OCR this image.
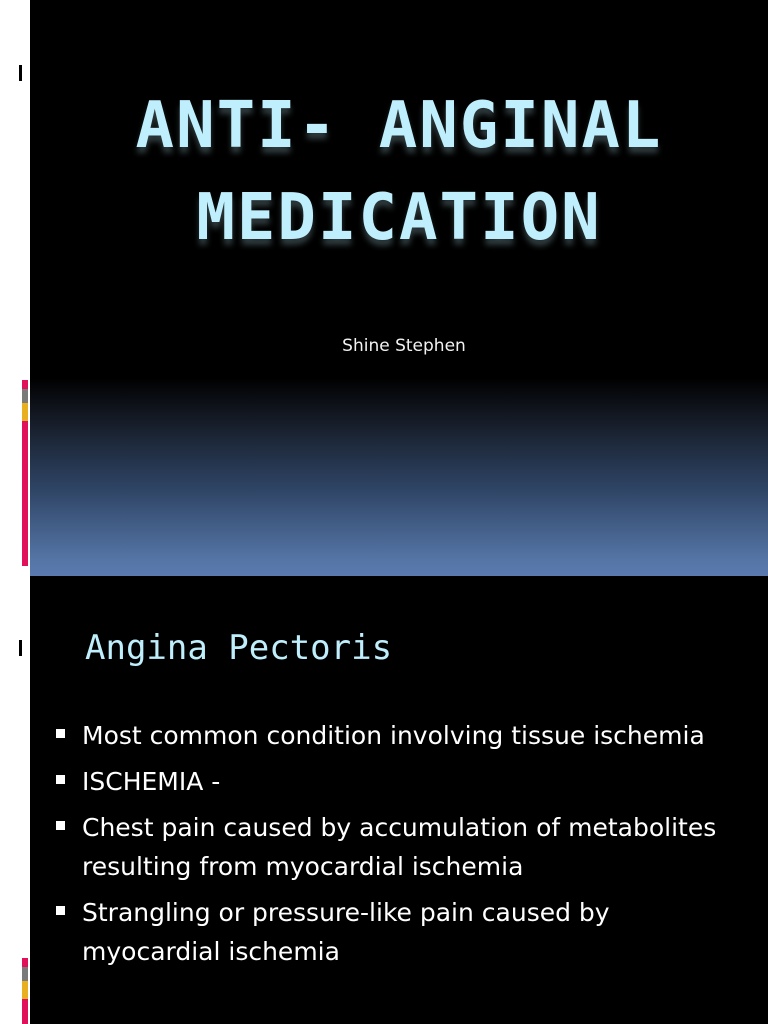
ANTI- ANGINAL
MEDICATION
Shine Stephen
Angina Pectoris
Most common condition involving tissue ischemia
ISCHEMIA -
Chest pain caused by accumulation of metabolites resulting from myocardial ischemia
Strangling or pressure-like pain caused by myocardial ischemia
